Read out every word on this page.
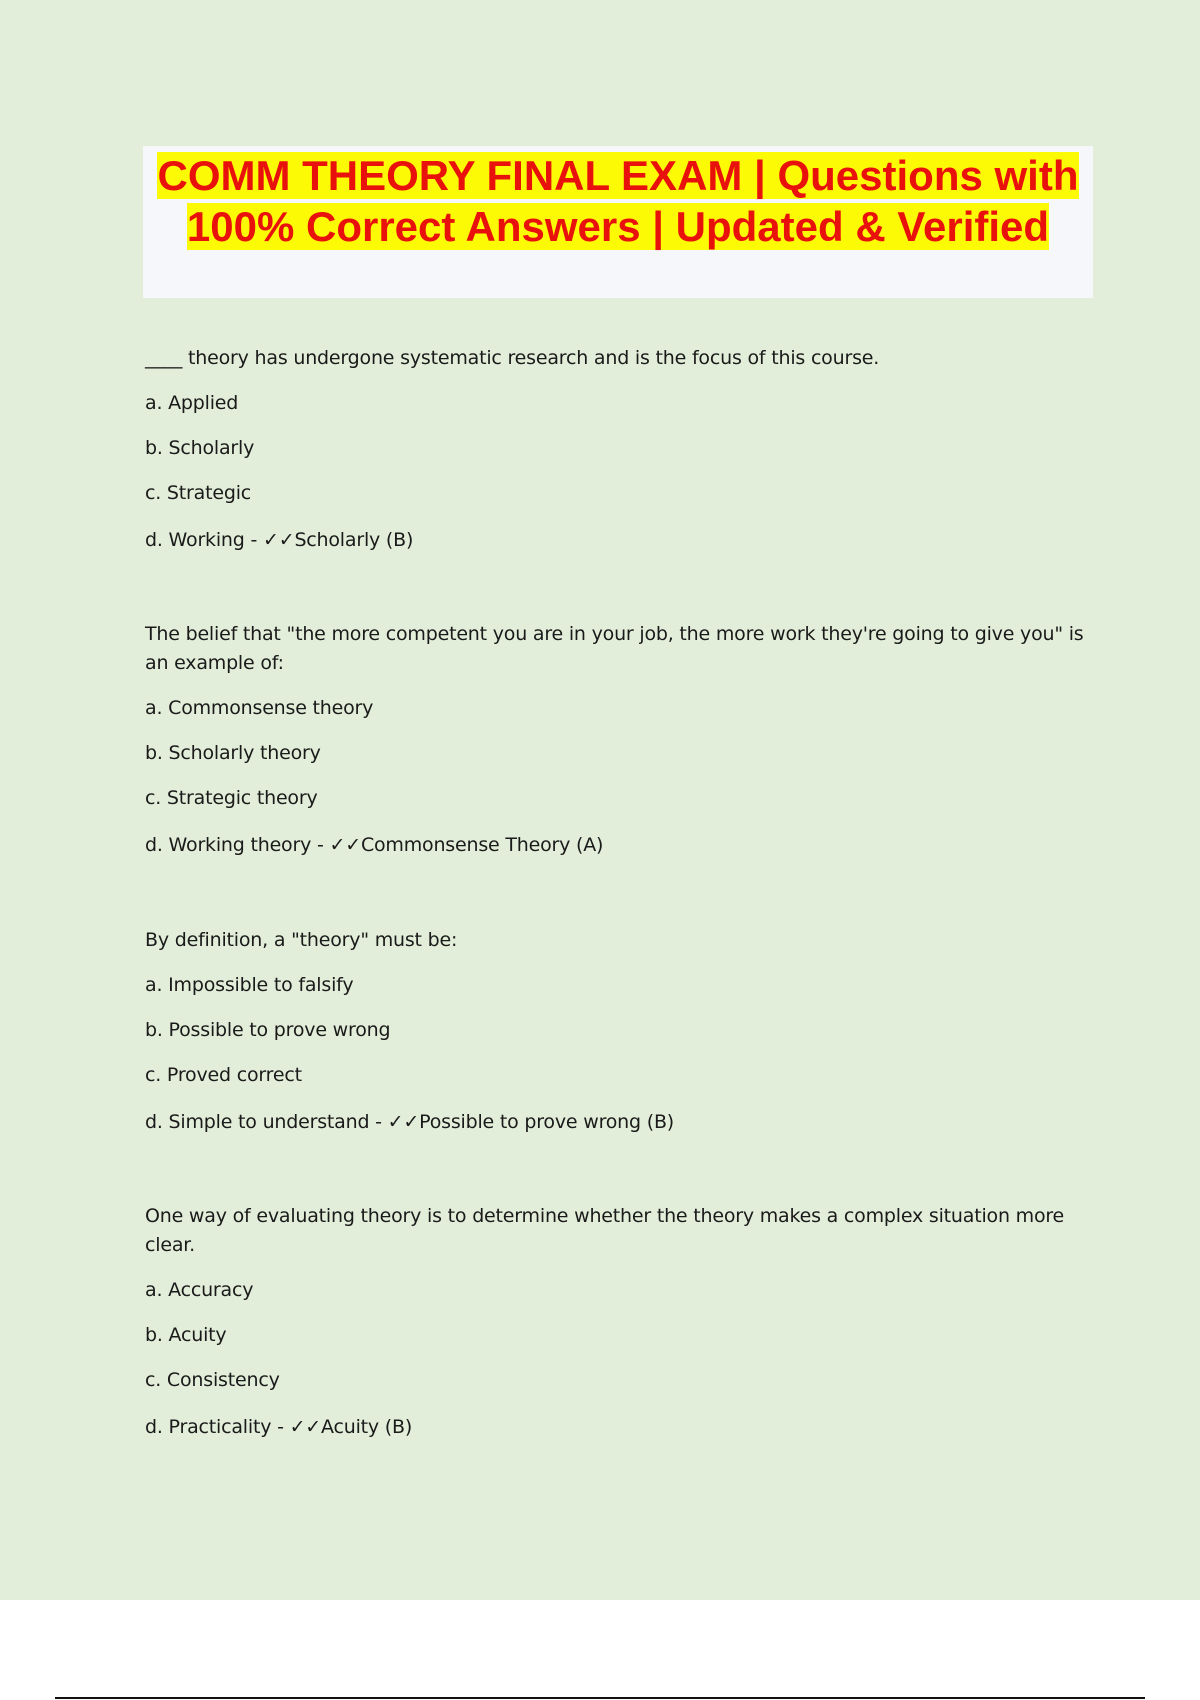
COMM THEORY FINAL EXAM | Questions with 100% Correct Answers | Updated & Verified

____ theory has undergone systematic research and is the focus of this course.

a. Applied

b. Scholarly

c. Strategic

d. Working - ✓✓Scholarly (B)

The belief that "the more competent you are in your job, the more work they're going to give you" is an example of:

a. Commonsense theory

b. Scholarly theory

c. Strategic theory

d. Working theory - ✓✓Commonsense Theory (A)

By definition, a "theory" must be:

a. Impossible to falsify

b. Possible to prove wrong

c. Proved correct

d. Simple to understand - ✓✓Possible to prove wrong (B)

One way of evaluating theory is to determine whether the theory makes a complex situation more clear.

a. Accuracy

b. Acuity

c. Consistency

d. Practicality - ✓✓Acuity (B)
